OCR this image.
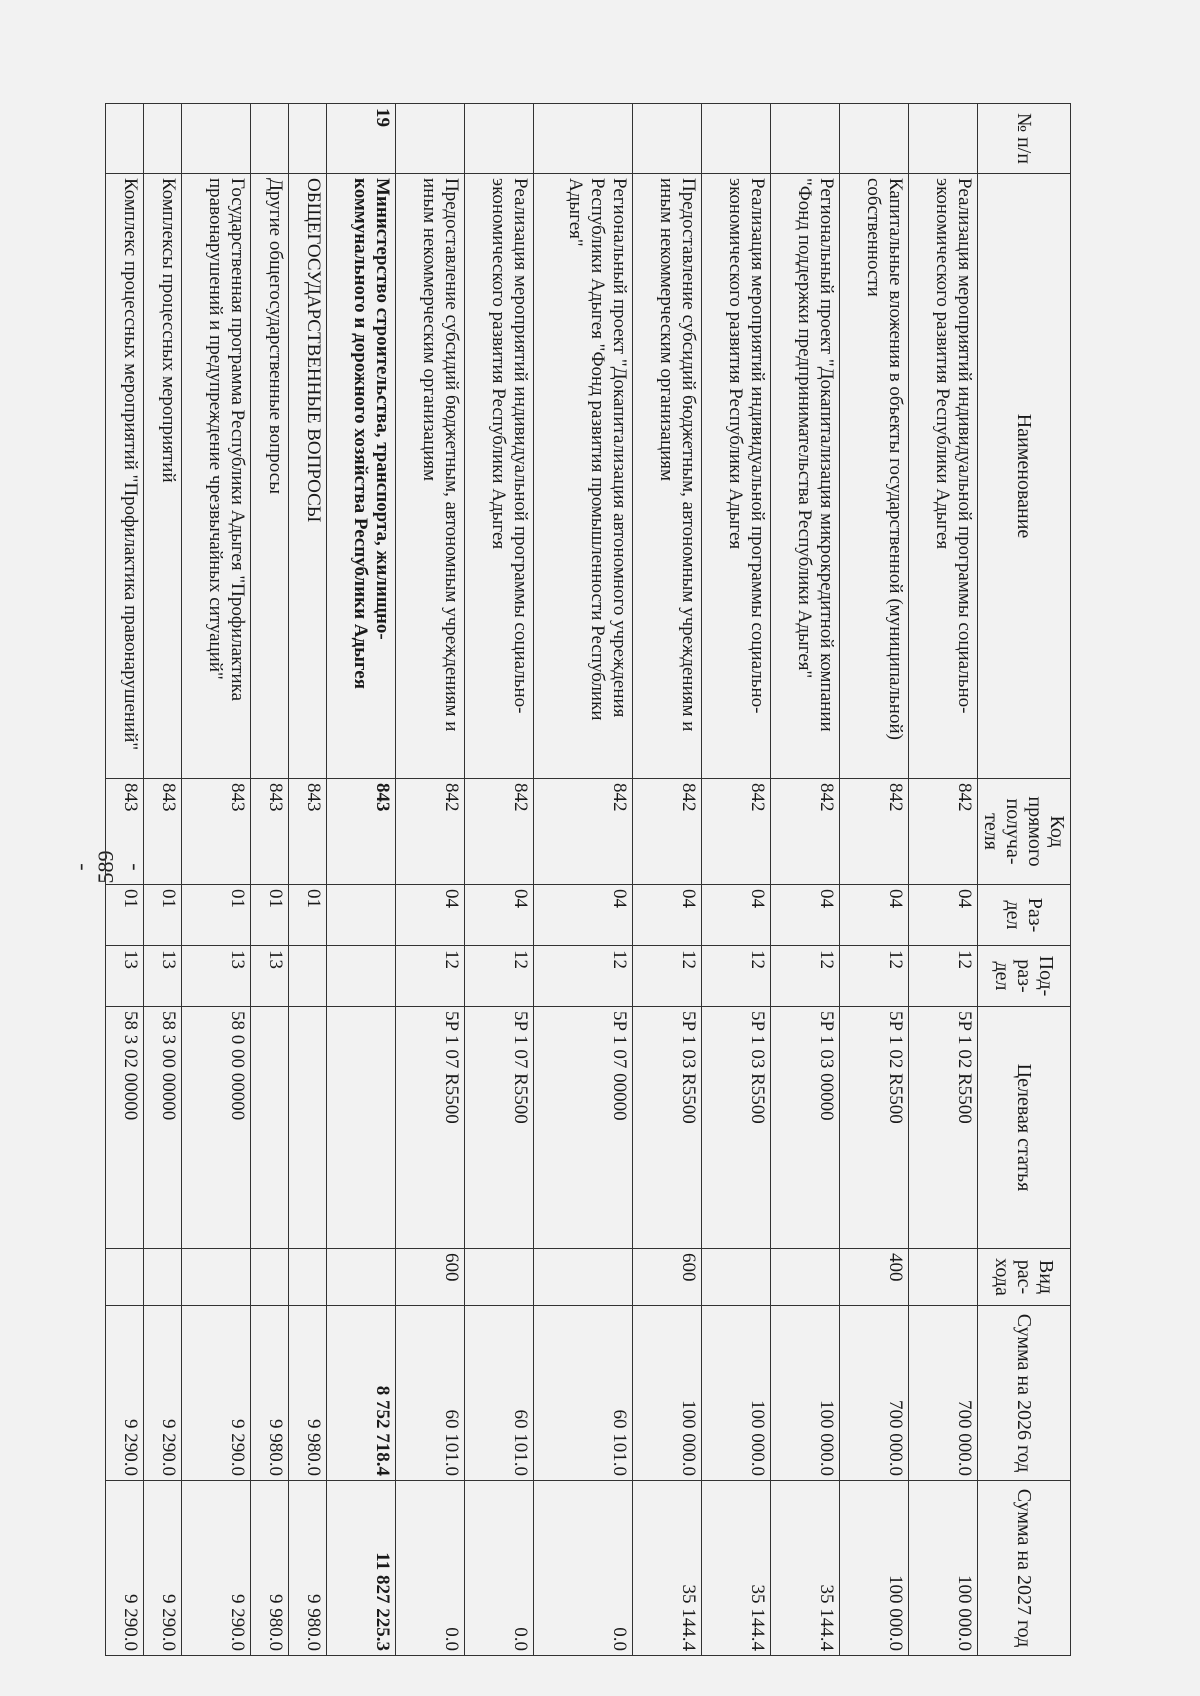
- 589 -
№ п/п	Наименование	Код прямого получа-теля	Раз-дел	Под-раз-дел	Целевая статья	Вид рас-хода	Сумма на 2026 год	Сумма на 2027 год
	Реализация мероприятий индивидуальной программы социально-экономического развития Республики Адыгея	842	04	12	5P 1 02 R5500		700 000.0	100 000.0
	Капитальные вложения в объекты государственной (муниципальной) собственности	842	04	12	5P 1 02 R5500	400	700 000.0	100 000.0
	Региональный проект "Докапитализация микрокредитной компании "Фонд поддержки предпринимательства Республики Адыгея"	842	04	12	5P 1 03 00000		100 000.0	35 144.4
	Реализация мероприятий индивидуальной программы социально-экономического развития Республики Адыгея	842	04	12	5P 1 03 R5500		100 000.0	35 144.4
	Предоставление субсидий бюджетным, автономным учреждениям и иным некоммерческим организациям	842	04	12	5P 1 03 R5500	600	100 000.0	35 144.4
	Региональный проект "Докапитализация автономного учреждения Республики Адыгея "Фонд развития промышленности Республики Адыгея"	842	04	12	5P 1 07 00000		60 101.0	0.0
	Реализация мероприятий индивидуальной программы социально-экономического развития Республики Адыгея	842	04	12	5P 1 07 R5500		60 101.0	0.0
	Предоставление субсидий бюджетным, автономным учреждениям и иным некоммерческим организациям	842	04	12	5P 1 07 R5500	600	60 101.0	0.0
19	Министерство строительства, транспорта, жилищно-коммунального и дорожного хозяйства Республики Адыгея	843					8 752 718.4	11 827 225.3
	ОБЩЕГОСУДАРСТВЕННЫЕ ВОПРОСЫ	843	01				9 980.0	9 980.0
	Другие общегосударственные вопросы	843	01	13			9 980.0	9 980.0
	Государственная программа Республики Адыгея "Профилактика правонарушений и предупреждение чрезвычайных ситуаций"	843	01	13	58 0 00 00000		9 290.0	9 290.0
	Комплексы процессных мероприятий	843	01	13	58 3 00 00000		9 290.0	9 290.0
	Комплекс процессных мероприятий "Профилактика правонарушений"	843	01	13	58 3 02 00000		9 290.0	9 290.0
